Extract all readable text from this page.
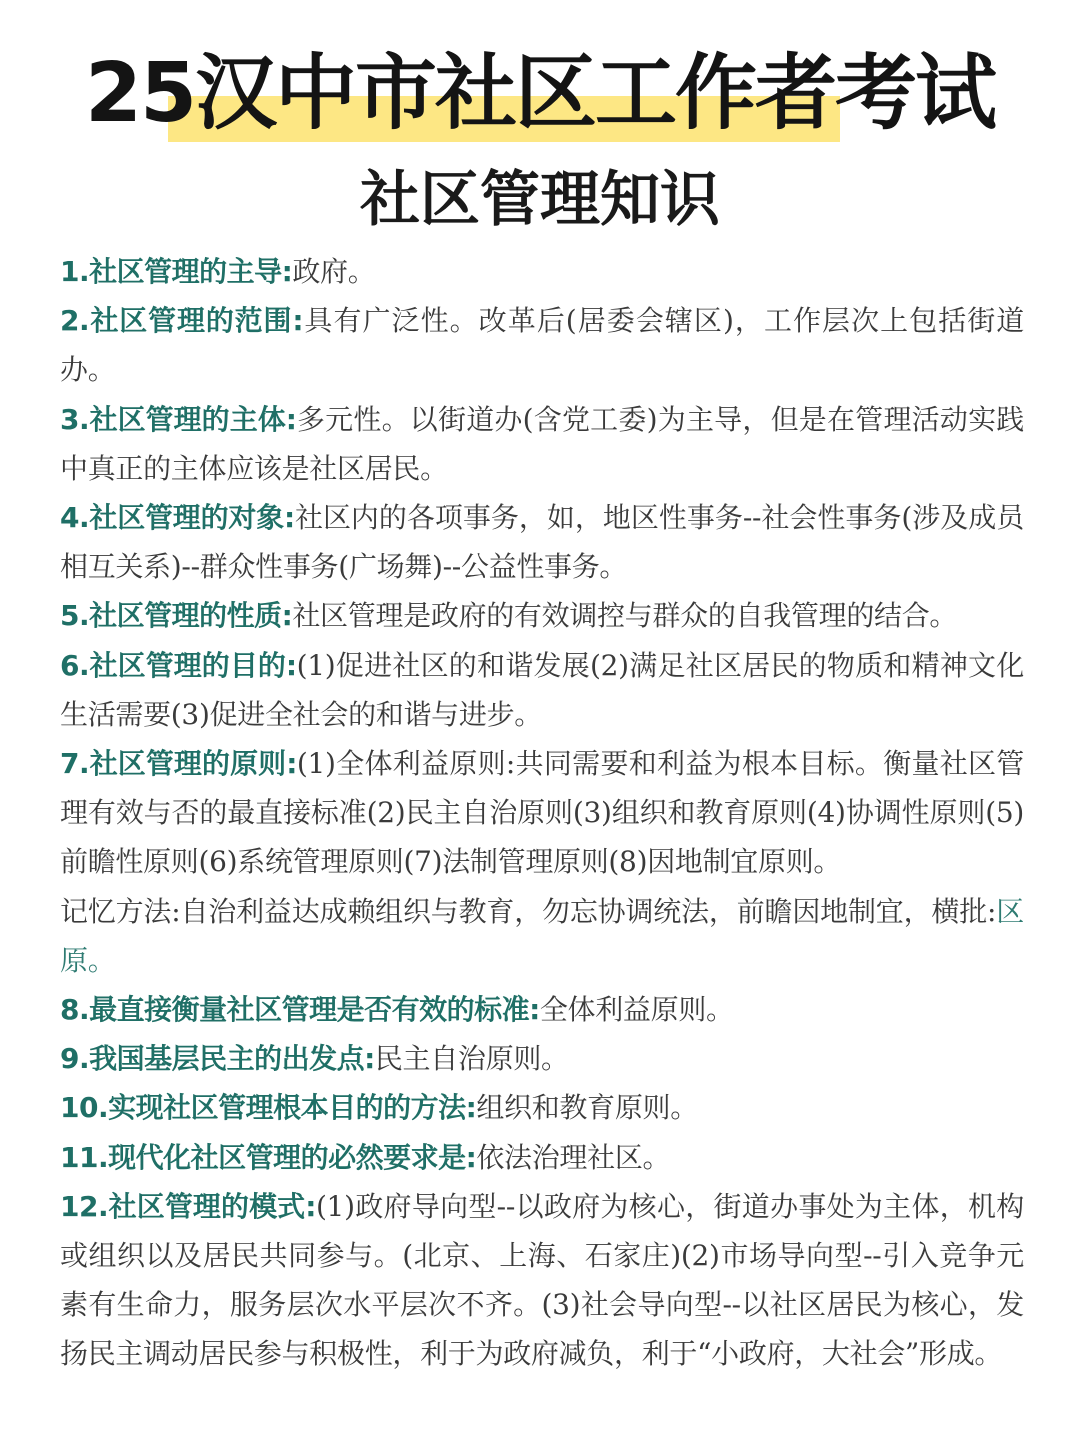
25汉中市社区工作者考试
社区管理知识

1.社区管理的主导:政府。

2.社区管理的范围:具有广泛性。改革后(居委会辖区)，工作层次上包括街道办。

3.社区管理的主体:多元性。以街道办(含党工委)为主导，但是在管理活动实践中真正的主体应该是社区居民。

4.社区管理的对象:社区内的各项事务，如，地区性事务--社会性事务(涉及成员相互关系)--群众性事务(广场舞)--公益性事务。

5.社区管理的性质:社区管理是政府的有效调控与群众的自我管理的结合。

6.社区管理的目的:(1)促进社区的和谐发展(2)满足社区居民的物质和精神文化生活需要(3)促进全社会的和谐与进步。

7.社区管理的原则:(1)全体利益原则:共同需要和利益为根本目标。衡量社区管理有效与否的最直接标准(2)民主自治原则(3)组织和教育原则(4)协调性原则(5)前瞻性原则(6)系统管理原则(7)法制管理原则(8)因地制宜原则。

记忆方法:自治利益达成赖组织与教育，勿忘协调统法，前瞻因地制宜，横批:区原。

8.最直接衡量社区管理是否有效的标准:全体利益原则。

9.我国基层民主的出发点:民主自治原则。

10.实现社区管理根本目的的方法:组织和教育原则。

11.现代化社区管理的必然要求是:依法治理社区。

12.社区管理的模式:(1)政府导向型--以政府为核心，街道办事处为主体，机构或组织以及居民共同参与。(北京、上海、石家庄)(2)市场导向型--引入竞争元素有生命力，服务层次水平层次不齐。(3)社会导向型--以社区居民为核心，发扬民主调动居民参与积极性，利于为政府减负，利于“小政府，大社会”形成。
